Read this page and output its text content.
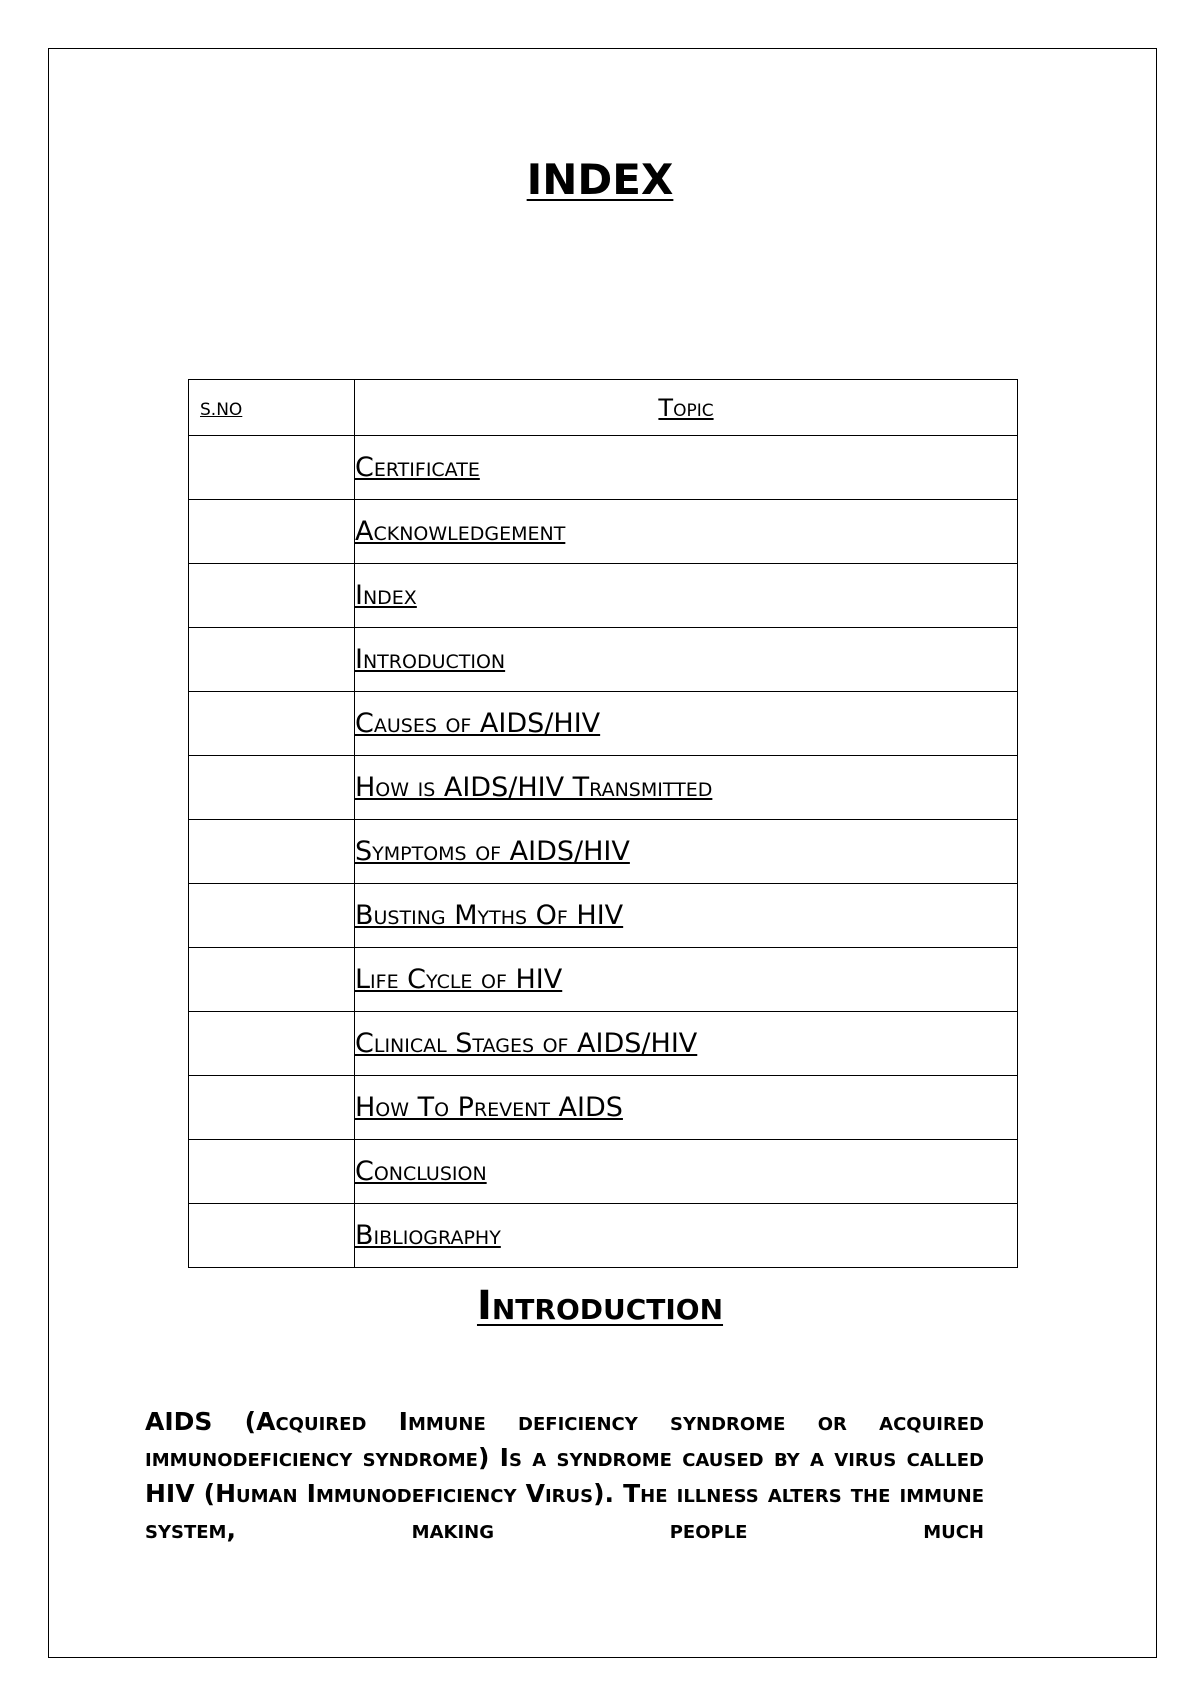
INDEX
S.NO	Topic
	Certificate
	Acknowledgement
	Index
	Introduction
	Causes of AIDS/HIV
	How is AIDS/HIV Transmitted
	Symptoms of AIDS/HIV
	Busting Myths Of HIV
	Life Cycle of HIV
	Clinical Stages of AIDS/HIV
	How To Prevent AIDS
	Conclusion
	Bibliography
Introduction

AIDS (Acquired Immune deficiency syndrome or acquired immunodeficiency syndrome) Is a syndrome caused by a virus called HIV (Human Immunodeficiency Virus). The illness alters the immune system, making people much
